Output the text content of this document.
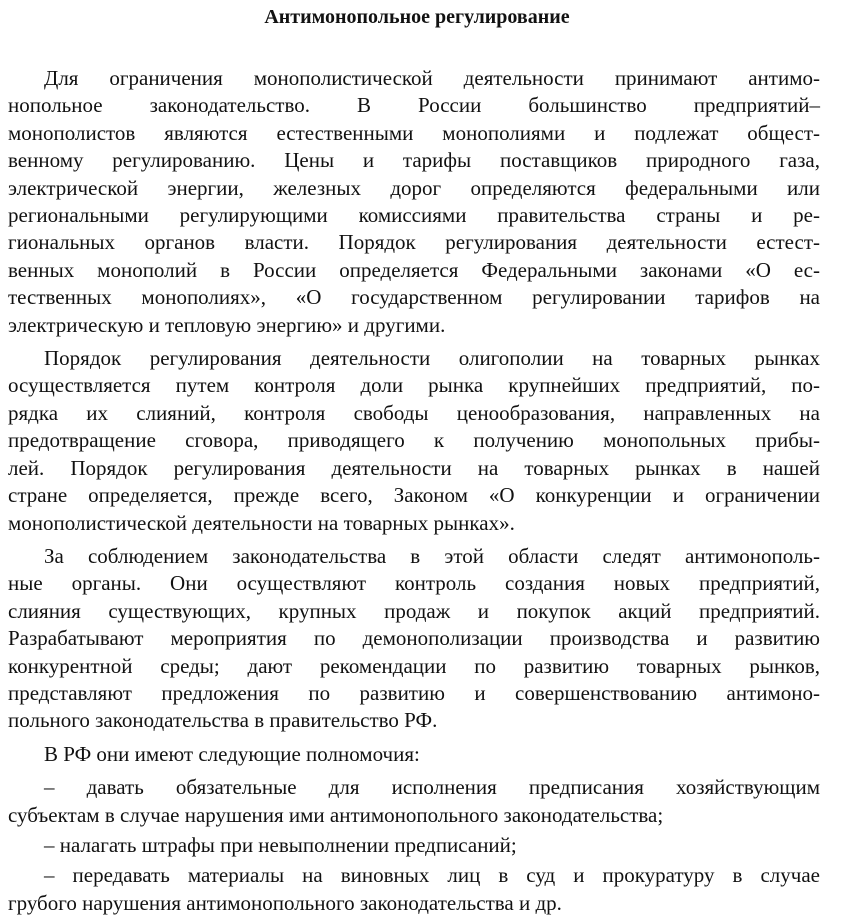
Антимонопольное регулирование
Для ограничения монополистической деятельности принимают антимо-
нопольное законодательство. В России большинство предприятий–
монополистов являются естественными монополиями и подлежат общест-
венному регулированию. Цены и тарифы поставщиков природного газа,
электрической энергии, железных дорог определяются федеральными или
региональными регулирующими комиссиями правительства страны и ре-
гиональных органов власти. Порядок регулирования деятельности естест-
венных монополий в России определяется Федеральными законами «О ес-
тественных монополиях», «О государственном регулировании тарифов на
электрическую и тепловую энергию» и другими.
Порядок регулирования деятельности олигополии на товарных рынках
осуществляется путем контроля доли рынка крупнейших предприятий, по-
рядка их слияний, контроля свободы ценообразования, направленных на
предотвращение сговора, приводящего к получению монопольных прибы-
лей. Порядок регулирования деятельности на товарных рынках в нашей
стране определяется, прежде всего, Законом «О конкуренции и ограничении
монополистической деятельности на товарных рынках».
За соблюдением законодательства в этой области следят антимонополь-
ные органы. Они осуществляют контроль создания новых предприятий,
слияния существующих, крупных продаж и покупок акций предприятий.
Разрабатывают мероприятия по демонополизации производства и развитию
конкурентной среды; дают рекомендации по развитию товарных рынков,
представляют предложения по развитию и совершенствованию антимоно-
польного законодательства в правительство РФ.
В РФ они имеют следующие полномочия:
– давать обязательные для исполнения предписания хозяйствующим
субъектам в случае нарушения ими антимонопольного законодательства;
– налагать штрафы при невыполнении предписаний;
– передавать материалы на виновных лиц в суд и прокуратуру в случае
грубого нарушения антимонопольного законодательства и др.
